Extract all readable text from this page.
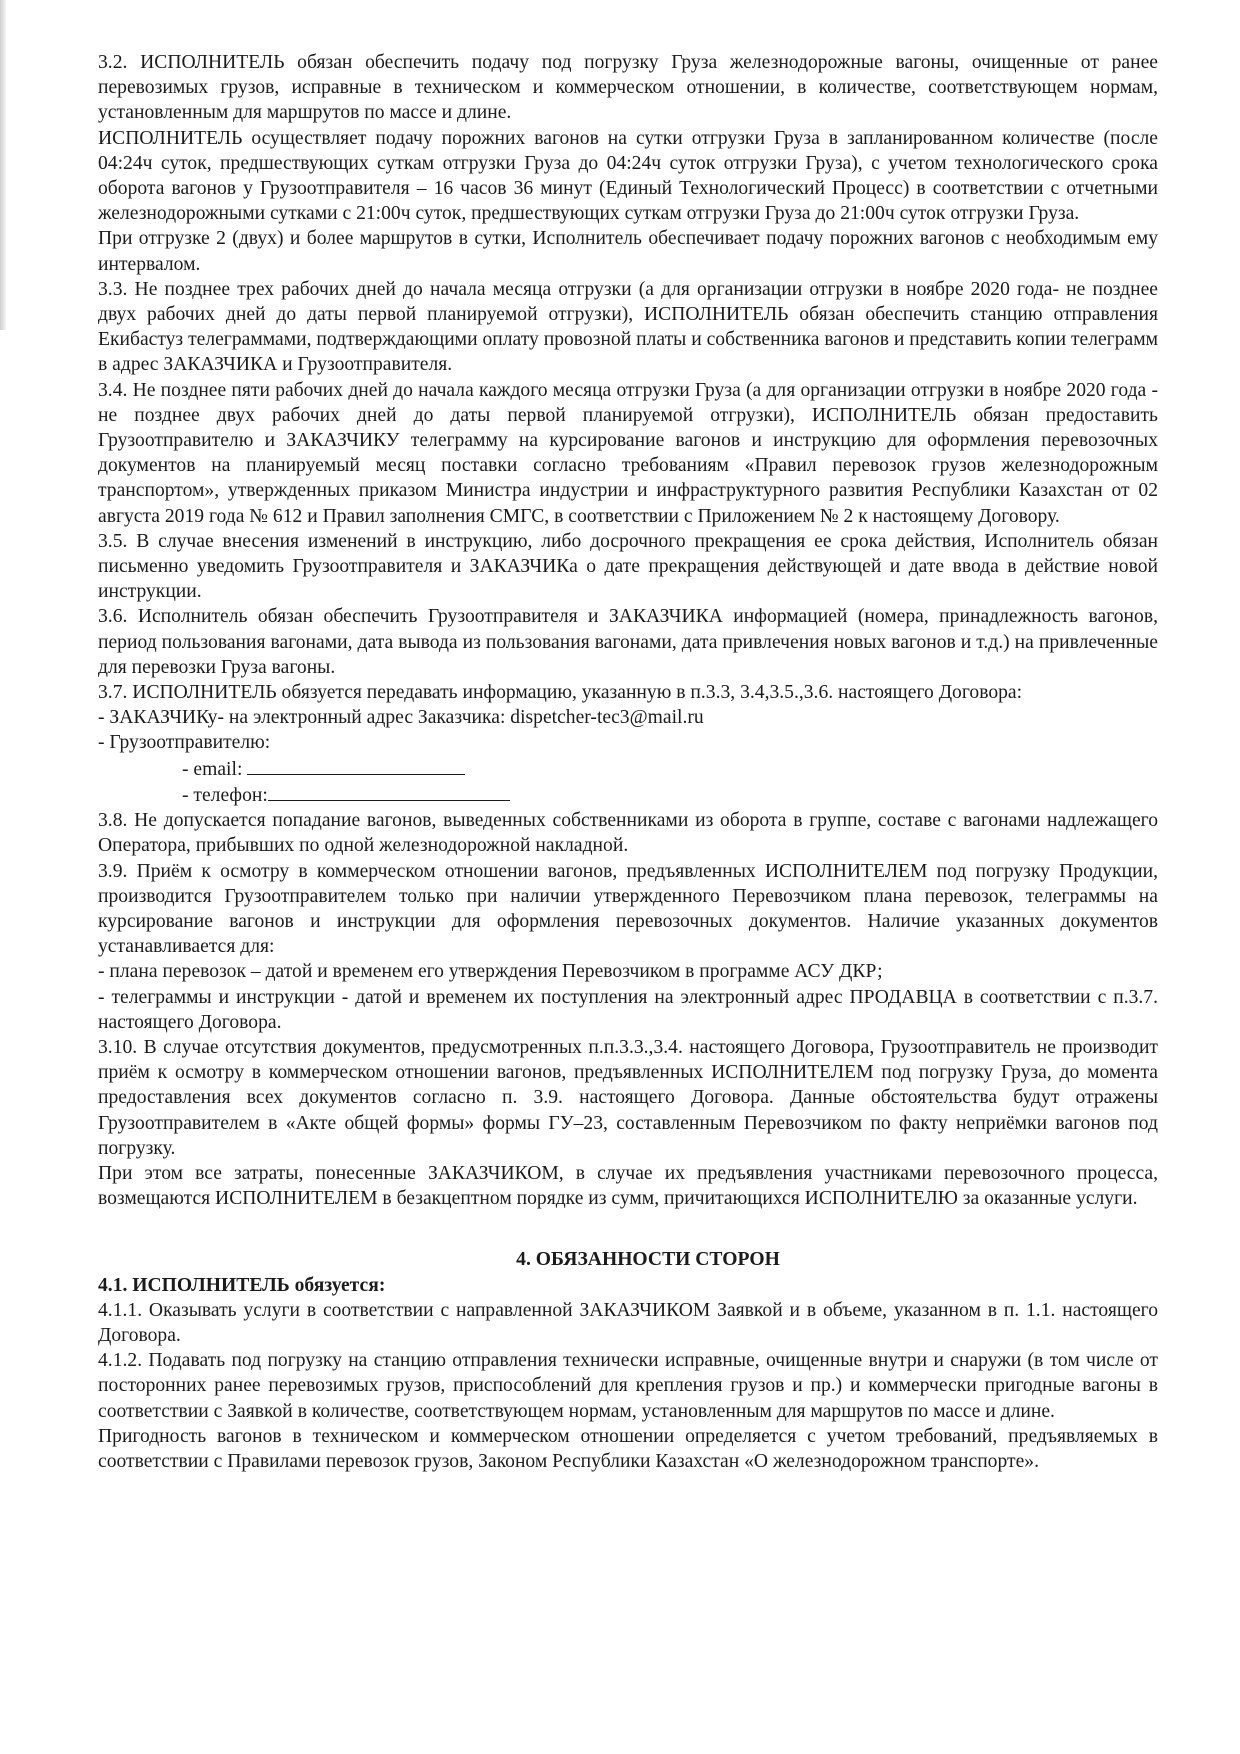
3.2. ИСПОЛНИТЕЛЬ обязан обеспечить подачу под погрузку Груза железнодорожные вагоны, очищенные от ранее перевозимых грузов, исправные в техническом и коммерческом отношении, в количестве, соответствующем нормам, установленным для маршрутов по массе и длине.

ИСПОЛНИТЕЛЬ осуществляет подачу порожних вагонов на сутки отгрузки Груза в запланированном количестве (после 04:24ч суток, предшествующих суткам отгрузки Груза до 04:24ч суток отгрузки Груза), с учетом технологического срока оборота вагонов у Грузоотправителя – 16 часов 36 минут (Единый Технологический Процесс) в соответствии с отчетными железнодорожными сутками с 21:00ч суток, предшествующих суткам отгрузки Груза до 21:00ч суток отгрузки Груза.

При отгрузке 2 (двух) и более маршрутов в сутки, Исполнитель обеспечивает подачу порожних вагонов с необходимым ему интервалом.

3.3. Не позднее трех рабочих дней до начала месяца отгрузки (а для организации отгрузки в ноябре 2020 года- не позднее двух рабочих дней до даты первой планируемой отгрузки), ИСПОЛНИТЕЛЬ обязан обеспечить станцию отправления Екибастуз телеграммами, подтверждающими оплату провозной платы и собственника вагонов и представить копии телеграмм в адрес ЗАКАЗЧИКА и Грузоотправителя.

3.4. Не позднее пяти рабочих дней до начала каждого месяца отгрузки Груза (а для организации отгрузки в ноябре 2020 года - не позднее двух рабочих дней до даты первой планируемой отгрузки), ИСПОЛНИТЕЛЬ обязан предоставить Грузоотправителю и ЗАКАЗЧИКУ телеграмму на курсирование вагонов и инструкцию для оформления перевозочных документов на планируемый месяц поставки согласно требованиям «Правил перевозок грузов железнодорожным транспортом», утвержденных приказом Министра индустрии и инфраструктурного развития Республики Казахстан от 02 августа 2019 года № 612 и Правил заполнения СМГС, в соответствии с Приложением № 2 к настоящему Договору.

3.5. В случае внесения изменений в инструкцию, либо досрочного прекращения ее срока действия, Исполнитель обязан письменно уведомить Грузоотправителя и ЗАКАЗЧИКа о дате прекращения действующей и дате ввода в действие новой инструкции.

3.6. Исполнитель обязан обеспечить Грузоотправителя и ЗАКАЗЧИКА информацией (номера, принадлежность вагонов, период пользования вагонами, дата вывода из пользования вагонами, дата привлечения новых вагонов и т.д.) на привлеченные для перевозки Груза вагоны.

3.7. ИСПОЛНИТЕЛЬ обязуется передавать информацию, указанную в п.3.3, 3.4,3.5.,3.6. настоящего Договора:

- ЗАКАЗЧИКу- на электронный адрес Заказчика: dispetcher-tec3@mail.ru

- Грузоотправителю:

- email:

- телефон:

3.8. Не допускается попадание вагонов, выведенных собственниками из оборота в группе, составе с вагонами надлежащего Оператора, прибывших по одной железнодорожной накладной.

3.9. Приём к осмотру в коммерческом отношении вагонов, предъявленных ИСПОЛНИТЕЛЕМ под погрузку Продукции, производится Грузоотправителем только при наличии утвержденного Перевозчиком плана перевозок, телеграммы на курсирование вагонов и инструкции для оформления перевозочных документов. Наличие указанных документов устанавливается для:

- плана перевозок – датой и временем его утверждения Перевозчиком в программе АСУ ДКР;

- телеграммы и инструкции - датой и временем их поступления на электронный адрес ПРОДАВЦА в соответствии с п.3.7. настоящего Договора.

3.10. В случае отсутствия документов, предусмотренных п.п.3.3.,3.4. настоящего Договора, Грузоотправитель не производит приём к осмотру в коммерческом отношении вагонов, предъявленных ИСПОЛНИТЕЛЕМ под погрузку Груза, до момента предоставления всех документов согласно п. 3.9. настоящего Договора. Данные обстоятельства будут отражены Грузоотправителем в «Акте общей формы» формы ГУ–23, составленным Перевозчиком по факту неприёмки вагонов под погрузку.

При этом все затраты, понесенные ЗАКАЗЧИКОМ, в случае их предъявления участниками перевозочного процесса, возмещаются ИСПОЛНИТЕЛЕМ в безакцептном порядке из сумм, причитающихся ИСПОЛНИТЕЛЮ за оказанные услуги.

4. ОБЯЗАННОСТИ СТОРОН

4.1. ИСПОЛНИТЕЛЬ обязуется:

4.1.1. Оказывать услуги в соответствии с направленной ЗАКАЗЧИКОМ Заявкой и в объеме, указанном в п. 1.1. настоящего Договора.

4.1.2. Подавать под погрузку на станцию отправления технически исправные, очищенные внутри и снаружи (в том числе от посторонних ранее перевозимых грузов, приспособлений для крепления грузов и пр.) и коммерчески пригодные вагоны в соответствии с Заявкой в количестве, соответствующем нормам, установленным для маршрутов по массе и длине.

Пригодность вагонов в техническом и коммерческом отношении определяется с учетом требований, предъявляемых в соответствии с Правилами перевозок грузов, Законом Республики Казахстан «О железнодорожном транспорте».
